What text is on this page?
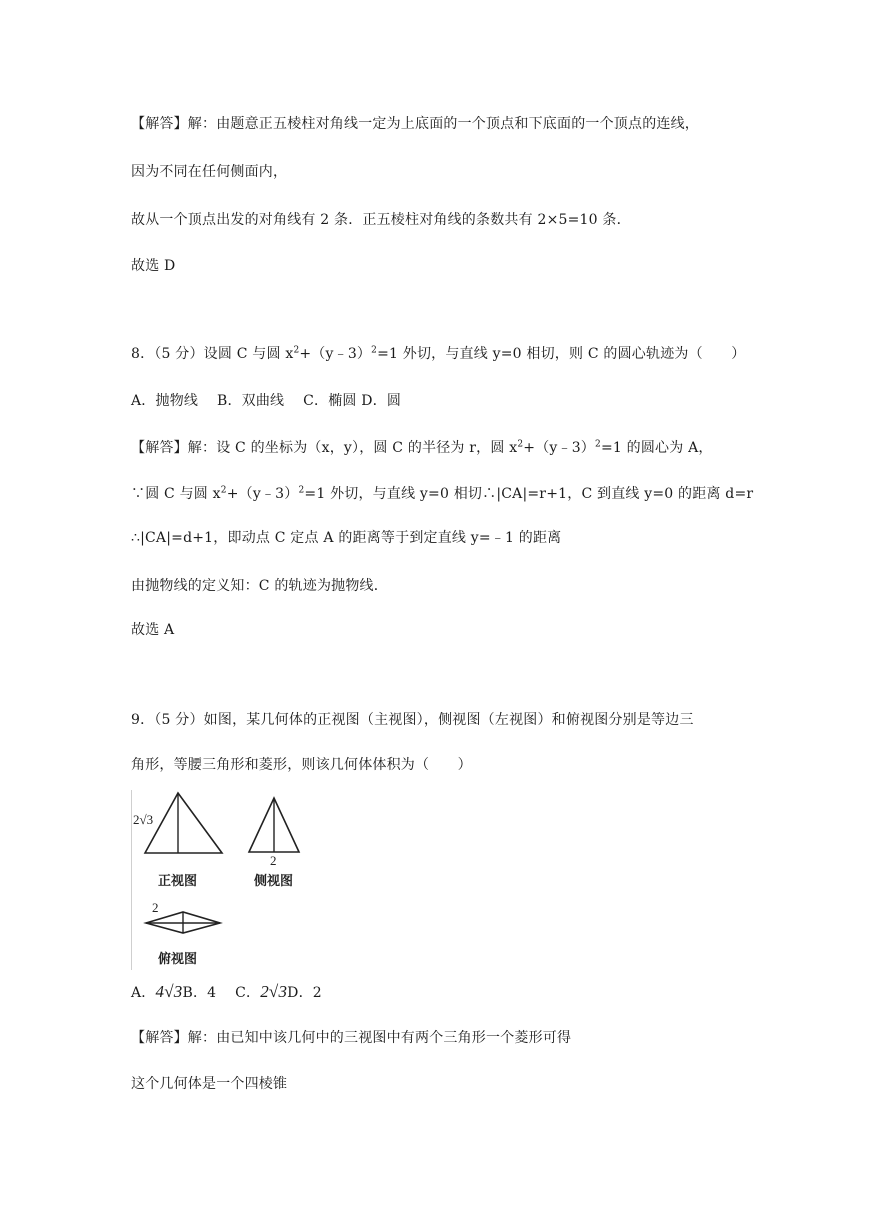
【解答】解：由题意正五棱柱对角线一定为上底面的一个顶点和下底面的一个顶点的连线，
因为不同在任何侧面内，
故从一个顶点出发的对角线有 2 条．正五棱柱对角线的条数共有 2×5=10 条．
故选 D
8．（5 分）设圆 C 与圆 $x^2+(y﹣3)^2=1$ 外切，与直线 y=0 相切，则 C 的圆心轨迹为（　　）
A．抛物线　 B．双曲线　 C．椭圆 D．圆
【解答】解：设 C 的坐标为（x，y），圆 C 的半径为 r，圆 $x^2+(y﹣3)^2=1$ 的圆心为 A，
∵圆 C 与圆 $x^2+(y﹣3)^2=1$ 外切，与直线 y=0 相切∴|CA|=r+1，C 到直线 y=0 的距离 d=r
∴|CA|=d+1，即动点 C 定点 A 的距离等于到定直线 y=﹣1 的距离
由抛物线的定义知：C 的轨迹为抛物线．
故选 A
9．（5 分）如图，某几何体的正视图（主视图），侧视图（左视图）和俯视图分别是等边三
角形，等腰三角形和菱形，则该几何体体积为（　　）
2√3
2
2
正视图	侧视图
俯视图
A．4√3B．4　 C．2√3D．2
【解答】解：由已知中该几何中的三视图中有两个三角形一个菱形可得
这个几何体是一个四棱锥
